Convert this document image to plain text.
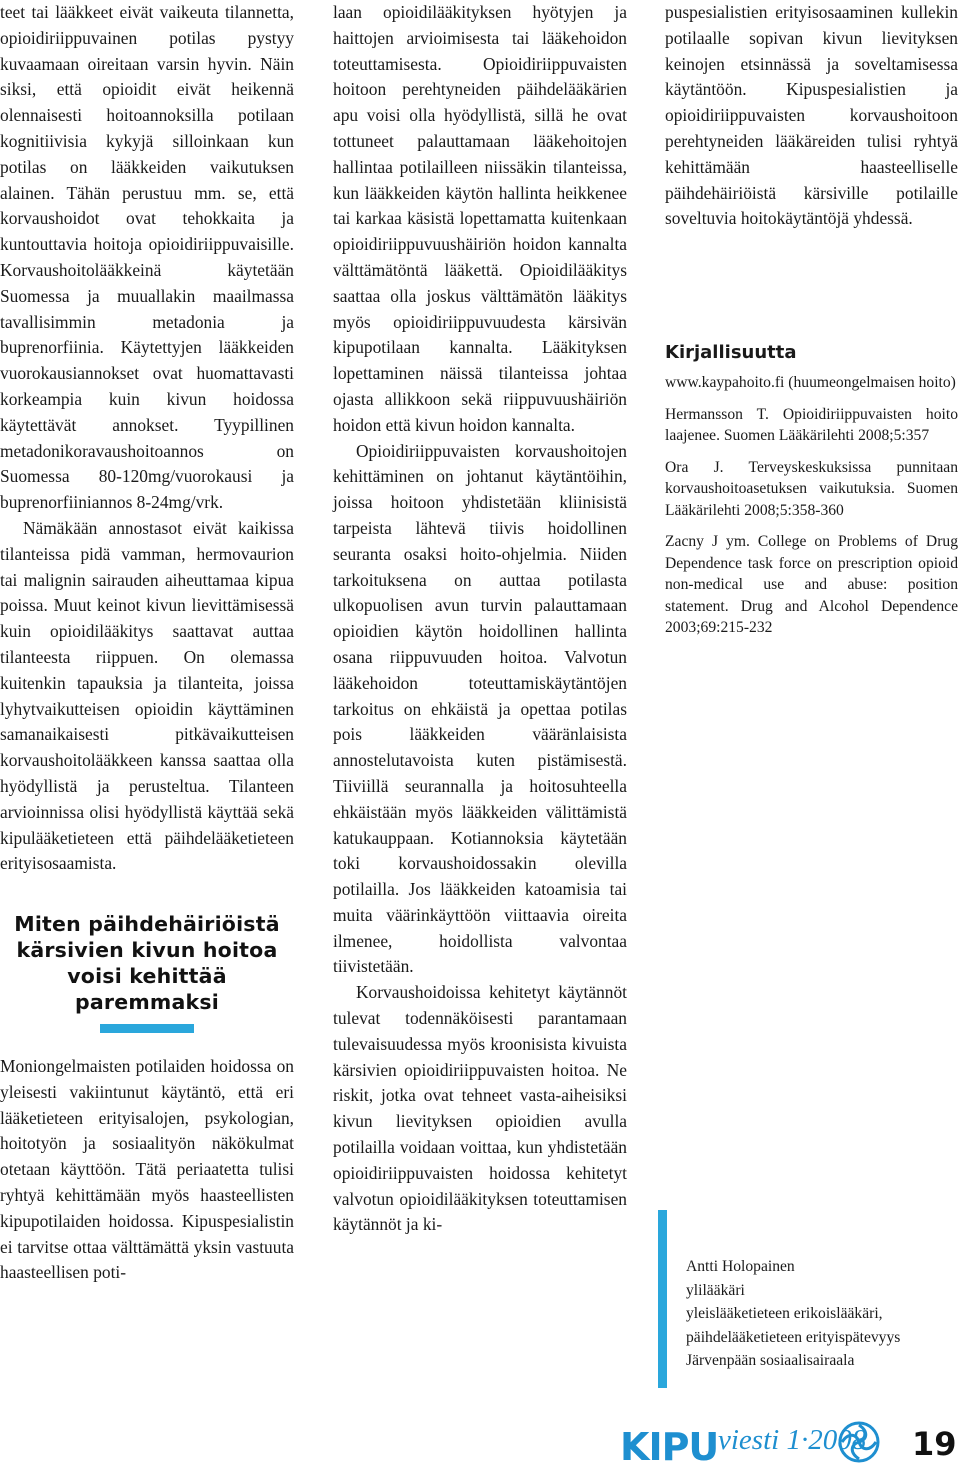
teet tai lääkkeet eivät vaikeuta tilannetta, opioidiriippuvainen potilas pystyy kuvaamaan oireitaan varsin hyvin. Näin siksi, että opioidit eivät heikennä olennaisesti hoitoannoksilla potilaan kognitiivisia kykyjä silloinkaan kun potilas on lääkkeiden vaikutuksen alainen. Tähän perustuu mm. se, että korvaushoidot ovat tehokkaita ja kuntouttavia hoitoja opioidiriippuvaisille. Korvaushoitolääkkeinä käytetään Suomessa ja muuallakin maailmassa tavallisimmin metadonia ja buprenorfiinia. Käytettyjen lääkkeiden vuorokausiannokset ovat huomattavasti korkeampia kuin kivun hoidossa käytettävät annokset. Tyypillinen metadonikoravaushoitoannos on Suomessa 80-120mg/vuorokausi ja buprenorfiiniannos 8-24mg/vrk.

Nämäkään annostasot eivät kaikissa tilanteissa pidä vamman, hermovaurion tai malignin sairauden aiheuttamaa kipua poissa. Muut keinot kivun lievittämisessä kuin opioidilääkitys saattavat auttaa tilanteesta riippuen. On olemassa kuitenkin tapauksia ja tilanteita, joissa lyhytvaikutteisen opioidin käyttäminen samanaikaisesti pitkävaikutteisen korvaushoitolääkkeen kanssa saattaa olla hyödyllistä ja perusteltua. Tilanteen arvioinnissa olisi hyödyllistä käyttää sekä kipulääketieteen että päihdelääketieteen erityisosaamista.

Miten päihdehäiriöistä kärsivien kivun hoitoa voisi kehittää paremmaksi

Moniongelmaisten potilaiden hoidossa on yleisesti vakiintunut käytäntö, että eri lääketieteen erityisalojen, psykologian, hoitotyön ja sosiaalityön näkökulmat otetaan käyttöön. Tätä periaatetta tulisi ryhtyä kehittämään myös haasteellisten kipupotilaiden hoidossa. Kipuspesialistin ei tarvitse ottaa välttämättä yksin vastuuta haasteellisen poti-

laan opioidilääkityksen hyötyjen ja haittojen arvioimisesta tai lääkehoidon toteuttamisesta. Opioidiriippuvaisten hoitoon perehtyneiden päihdelääkärien apu voisi olla hyödyllistä, sillä he ovat tottuneet palauttamaan lääkehoitojen hallintaa potilailleen niissäkin tilanteissa, kun lääkkeiden käytön hallinta heikkenee tai karkaa käsistä lopettamatta kuitenkaan opioidiriippuvuushäiriön hoidon kannalta välttämätöntä lääkettä. Opioidilääkitys saattaa olla joskus välttämätön lääkitys myös opioidiriippuvuudesta kärsivän kipupotilaan kannalta. Lääkityksen lopettaminen näissä tilanteissa johtaa ojasta allikkoon sekä riippuvuushäiriön hoidon että kivun hoidon kannalta.

Opioidiriippuvaisten korvaushoitojen kehittäminen on johtanut käytäntöihin, joissa hoitoon yhdistetään kliinisistä tarpeista lähtevä tiivis hoidollinen seuranta osaksi hoito-ohjelmia. Niiden tarkoituksena on auttaa potilasta ulkopuolisen avun turvin palauttamaan opioidien käytön hoidollinen hallinta osana riippuvuuden hoitoa. Valvotun lääkehoidon toteuttamiskäytäntöjen tarkoitus on ehkäistä ja opettaa potilas pois lääkkeiden vääränlaisista annostelutavoista kuten pistämisestä. Tiiviillä seurannalla ja hoitosuhteella ehkäistään myös lääkkeiden välittämistä katukauppaan. Kotiannoksia käytetään toki korvaushoidossakin olevilla potilailla. Jos lääkkeiden katoamisia tai muita väärinkäyttöön viittaavia oireita ilmenee, hoidollista valvontaa tiivistetään.

Korvaushoidoissa kehitetyt käytännöt tulevat todennäköisesti parantamaan tulevaisuudessa myös kroonisista kivuista kärsivien opioidiriippuvaisten hoitoa. Ne riskit, jotka ovat tehneet vasta-aiheisiksi kivun lievityksen opioidien avulla potilailla voidaan voittaa, kun yhdistetään opioidiriippuvaisten hoidossa kehitetyt valvotun opioidilääkityksen toteuttamisen käytännöt ja ki-

puspesialistien erityisosaaminen kullekin potilaalle sopivan kivun lievityksen keinojen etsinnässä ja soveltamisessa käytäntöön. Kipuspesialistien ja opioidiriippuvaisten korvaushoitoon perehtyneiden lääkäreiden tulisi ryhtyä kehittämään haasteelliselle päihdehäiriöistä kärsiville potilaille soveltuvia hoitokäytäntöjä yhdessä.

Kirjallisuutta

www.kaypahoito.fi (huumeongelmaisen hoito)

Hermansson T. Opioidiriippuvaisten hoito laajenee. Suomen Lääkärilehti 2008;5:357

Ora J. Terveyskeskuksissa punnitaan korvaushoitoasetuksen vaikutuksia. Suomen Lääkärilehti 2008;5:358-360

Zacny J ym. College on Problems of Drug Dependence task force on prescription opioid non-medical use and abuse: position statement. Drug and Alcohol Dependence 2003;69:215-232

Antti Holopainen
ylilääkäri
yleislääketieteen erikoislääkäri,
päihdelääketieteen erityispätevyys
Järvenpään sosiaalisairaala
KIPU viesti 1·2008 19
